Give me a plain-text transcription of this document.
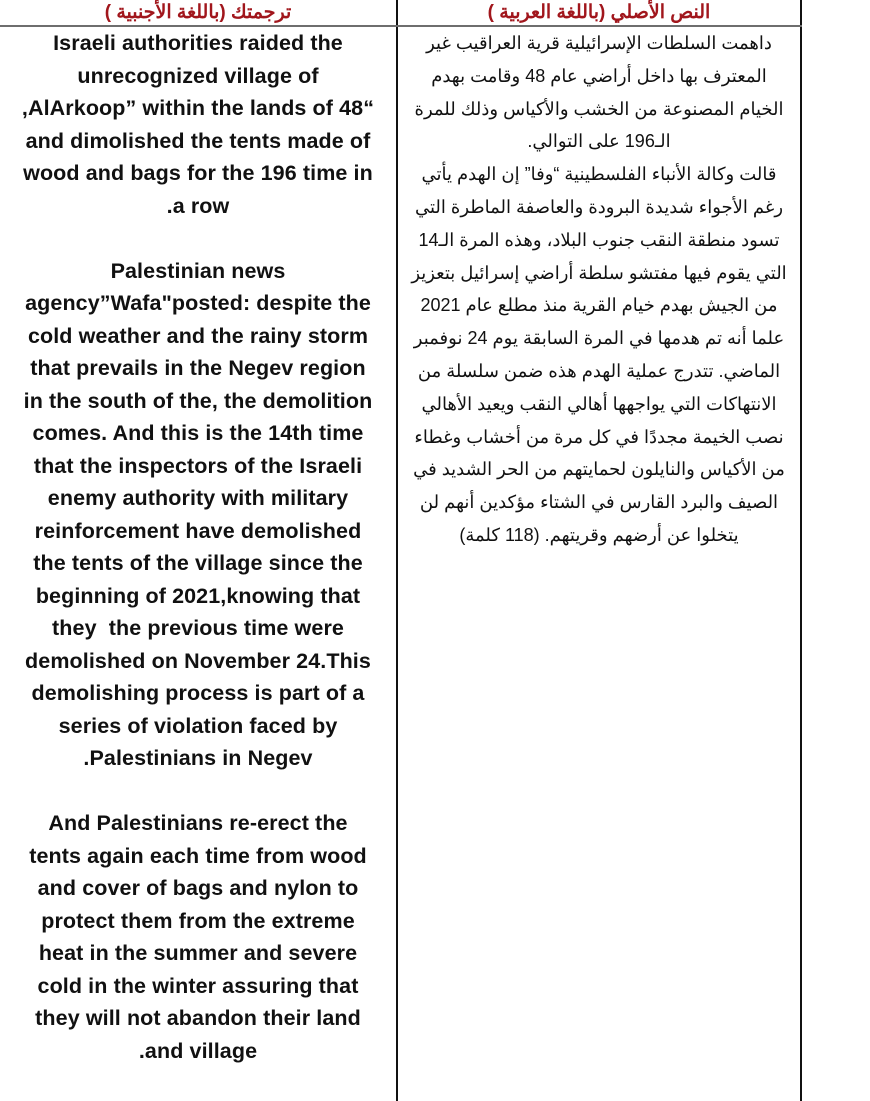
ترجمتك (باللغة الأجنبية )	النص الأصلي (باللغة العربية )
Israeli authorities raided the
unrecognized village of
,AlArkoop” within the lands of 48“
and dimolished the tents made of
wood and bags for the 196 time in
.a row
Palestinian news
agency”Wafa"posted: despite the
cold weather and the rainy storm
that prevails in the Negev region
in the south of the, the demolition
comes. And this is the 14th time
that the inspectors of the Israeli
enemy authority with military
reinforcement have demolished
the tents of the village since the
beginning of 2021,knowing that
they  the previous time were
demolished on November 24.This
demolishing process is part of a
series of violation faced by
.Palestinians in Negev
And Palestinians re-erect the
tents again each time from wood
and cover of bags and nylon to
protect them from the extreme
heat in the summer and severe
cold in the winter assuring that
they will not abandon their land
.and village
داهمت السلطات الإسرائيلية قرية العراقيب غير
المعترف بها داخل أراضي عام 48 وقامت بهدم
الخيام المصنوعة من الخشب والأكياس وذلك للمرة
الـ196 على التوالي.
قالت وكالة الأنباء الفلسطينية “وفا” إن الهدم يأتي
رغم الأجواء شديدة البرودة والعاصفة الماطرة التي
تسود منطقة النقب جنوب البلاد، وهذه المرة الـ14
التي يقوم فيها مفتشو سلطة أراضي إسرائيل بتعزيز
من الجيش بهدم خيام القرية منذ مطلع عام 2021
علما أنه تم هدمها في المرة السابقة يوم 24 نوفمبر
الماضي. تتدرج عملية الهدم هذه ضمن سلسلة من
الانتهاكات التي يواجهها أهالي النقب ويعيد الأهالي
نصب الخيمة مجددًا في كل مرة من أخشاب وغطاء
من الأكياس والنايلون لحمايتهم من الحر الشديد في
الصيف والبرد القارس في الشتاء مؤكدين أنهم لن
يتخلوا عن أرضهم وقريتهم. (118 كلمة)
